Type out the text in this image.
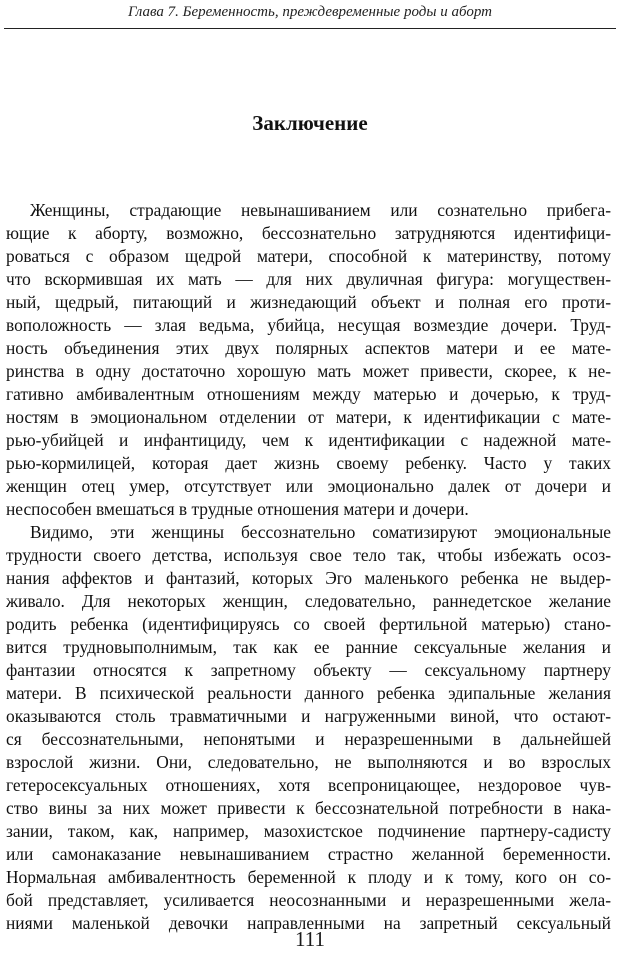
Глава 7. Беременность, преждевременные роды и аборт
Заключение
Женщины, страдающие невынашиванием или сознательно прибега-
ющие к аборту, возможно, бессознательно затрудняются идентифици-
роваться с образом щедрой матери, способной к материнству, потому
что вскормившая их мать — для них двуличная фигура: могуществен-
ный, щедрый, питающий и жизнедающий объект и полная его проти-
воположность — злая ведьма, убийца, несущая возмездие дочери. Труд-
ность объединения этих двух полярных аспектов матери и ее мате-
ринства в одну достаточно хорошую мать может привести, скорее, к не-
гативно амбивалентным отношениям между матерью и дочерью, к труд-
ностям в эмоциональном отделении от матери, к идентификации с мате-
рью-убийцей и инфантициду, чем к идентификации с надежной мате-
рью-кормилицей, которая дает жизнь своему ребенку. Часто у таких
женщин отец умер, отсутствует или эмоционально далек от дочери и
неспособен вмешаться в трудные отношения матери и дочери.
Видимо, эти женщины бессознательно соматизируют эмоциональные
трудности своего детства, используя свое тело так, чтобы избежать осоз-
нания аффектов и фантазий, которых Эго маленького ребенка не выдер-
живало. Для некоторых женщин, следовательно, раннедетское желание
родить ребенка (идентифицируясь со своей фертильной матерью) стано-
вится трудновыполнимым, так как ее ранние сексуальные желания и
фантазии относятся к запретному объекту — сексуальному партнеру
матери. В психической реальности данного ребенка эдипальные желания
оказываются столь травматичными и нагруженными виной, что остают-
ся бессознательными, непонятыми и неразрешенными в дальнейшей
взрослой жизни. Они, следовательно, не выполняются и во взрослых
гетеросексуальных отношениях, хотя всепроницающее, нездоровое чув-
ство вины за них может привести к бессознательной потребности в нака-
зании, таком, как, например, мазохистское подчинение партнеру-садисту
или самонаказание невынашиванием страстно желанной беременности.
Нормальная амбивалентность беременной к плоду и к тому, кого он со-
бой представляет, усиливается неосознанными и неразрешенными жела-
ниями маленькой девочки направленными на запретный сексуальный
111
